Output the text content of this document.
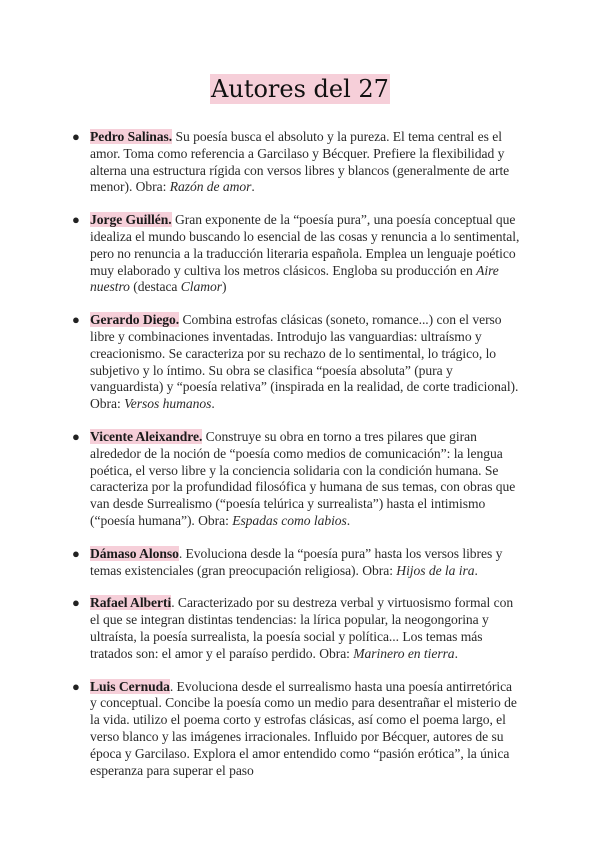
Autores del 27
● Pedro Salinas. Su poesía busca el absoluto y la pureza. El tema central es el amor. Toma como referencia a Garcilaso y Bécquer. Prefiere la flexibilidad y alterna una estructura rígida con versos libres y blancos (generalmente de arte menor). Obra: Razón de amor.
● Jorge Guillén. Gran exponente de la “poesía pura”, una poesía conceptual que idealiza el mundo buscando lo esencial de las cosas y renuncia a lo sentimental, pero no renuncia a la traducción literaria española. Emplea un lenguaje poético muy elaborado y cultiva los metros clásicos. Engloba su producción en Aire nuestro (destaca Clamor)
● Gerardo Diego. Combina estrofas clásicas (soneto, romance...) con el verso libre y combinaciones inventadas. Introdujo las vanguardias: ultraísmo y creacionismo. Se caracteriza por su rechazo de lo sentimental, lo trágico, lo subjetivo y lo íntimo. Su obra se clasifica “poesía absoluta” (pura y vanguardista) y “poesía relativa” (inspirada en la realidad, de corte tradicional). Obra: Versos humanos.
● Vicente Aleixandre. Construye su obra en torno a tres pilares que giran alrededor de la noción de “poesía como medios de comunicación”: la lengua poética, el verso libre y la conciencia solidaria con la condición humana. Se caracteriza por la profundidad filosófica y humana de sus temas, con obras que van desde Surrealismo (“poesía telúrica y surrealista”) hasta el intimismo (“poesía humana”). Obra: Espadas como labios.
● Dámaso Alonso. Evoluciona desde la “poesía pura” hasta los versos libres y temas existenciales (gran preocupación religiosa). Obra: Hijos de la ira.
● Rafael Alberti. Caracterizado por su destreza verbal y virtuosismo formal con el que se integran distintas tendencias: la lírica popular, la neogongorina y ultraísta, la poesía surrealista, la poesía social y política... Los temas más tratados son: el amor y el paraíso perdido. Obra: Marinero en tierra.
● Luis Cernuda. Evoluciona desde el surrealismo hasta una poesía antirretórica y conceptual. Concibe la poesía como un medio para desentrañar el misterio de la vida. utilizo el poema corto y estrofas clásicas, así como el poema largo, el verso blanco y las imágenes irracionales. Influido por Bécquer, autores de su época y Garcilaso. Explora el amor entendido como “pasión erótica”, la única esperanza para superar el paso
